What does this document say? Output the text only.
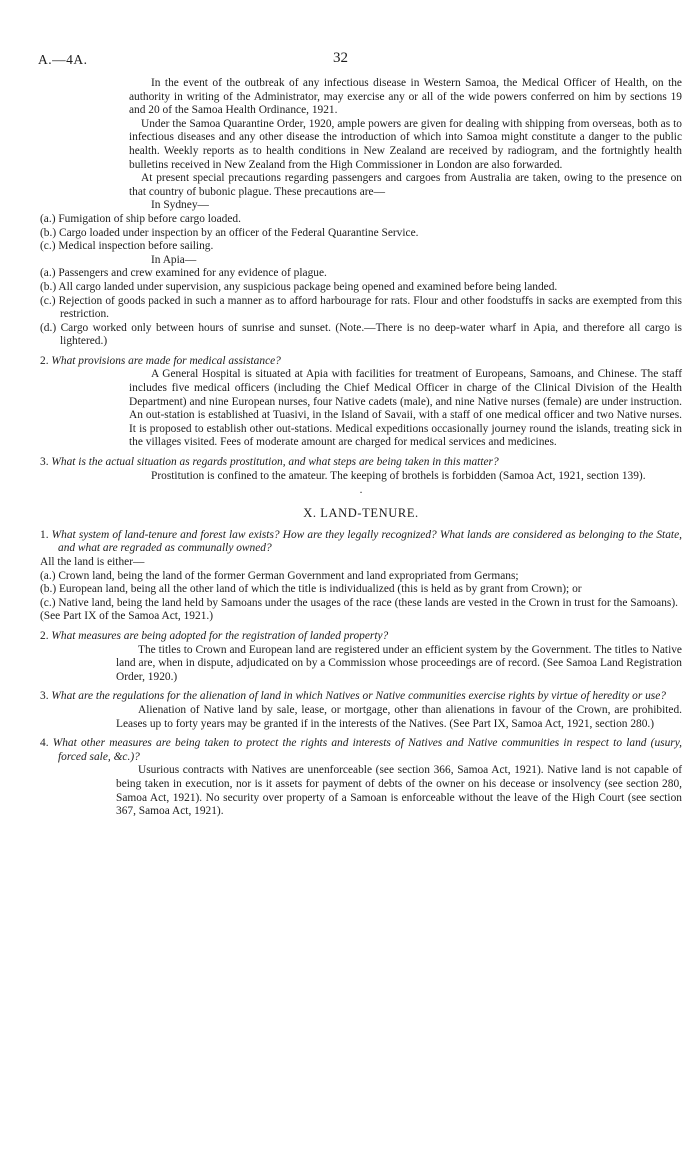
A.—4A.	32

In the event of the outbreak of any infectious disease in Western Samoa, the Medical Officer of Health, on the authority in writing of the Administrator, may exercise any or all of the wide powers conferred on him by sections 19 and 20 of the Samoa Health Ordinance, 1921.

Under the Samoa Quarantine Order, 1920, ample powers are given for dealing with shipping from overseas, both as to infectious diseases and any other disease the introduction of which into Samoa might constitute a danger to the public health. Weekly reports as to health conditions in New Zealand are received by radiogram, and the fortnightly health bulletins received in New Zealand from the High Commissioner in London are also forwarded.

At present special precautions regarding passengers and cargoes from Australia are taken, owing to the presence on that country of bubonic plague. These precautions are—

In Sydney—

(a.) Fumigation of ship before cargo loaded.

(b.) Cargo loaded under inspection by an officer of the Federal Quarantine Service.

(c.) Medical inspection before sailing.

In Apia—

(a.) Passengers and crew examined for any evidence of plague.

(b.) All cargo landed under supervision, any suspicious package being opened and examined before being landed.

(c.) Rejection of goods packed in such a manner as to afford harbourage for rats. Flour and other foodstuffs in sacks are exempted from this restriction.

(d.) Cargo worked only between hours of sunrise and sunset. (Note.—There is no deep-water wharf in Apia, and therefore all cargo is lightered.)

2. What provisions are made for medical assistance?

A General Hospital is situated at Apia with facilities for treatment of Europeans, Samoans, and Chinese. The staff includes five medical officers (including the Chief Medical Officer in charge of the Clinical Division of the Health Department) and nine European nurses, four Native cadets (male), and nine Native nurses (female) are under instruction. An out-station is established at Tuasivi, in the Island of Savaii, with a staff of one medical officer and two Native nurses. It is proposed to establish other out-stations. Medical expeditions occasionally journey round the islands, treating sick in the villages visited. Fees of moderate amount are charged for medical services and medicines.

3. What is the actual situation as regards prostitution, and what steps are being taken in this matter?

Prostitution is confined to the amateur. The keeping of brothels is forbidden (Samoa Act, 1921, section 139).

·
X. LAND-TENURE.
1. What system of land-tenure and forest law exists? How are they legally recognized? What lands are considered as belonging to the State, and what are regraded as communally owned?

All the land is either—

(a.) Crown land, being the land of the former German Government and land expropriated from Germans;

(b.) European land, being all the other land of which the title is individualized (this is held as by grant from Crown); or

(c.) Native land, being the land held by Samoans under the usages of the race (these lands are vested in the Crown in trust for the Samoans).

(See Part IX of the Samoa Act, 1921.)

2. What measures are being adopted for the registration of landed property?

The titles to Crown and European land are registered under an efficient system by the Government. The titles to Native land are, when in dispute, adjudicated on by a Commission whose proceedings are of record. (See Samoa Land Registration Order, 1920.)

3. What are the regulations for the alienation of land in which Natives or Native communities exercise rights by virtue of heredity or use?

Alienation of Native land by sale, lease, or mortgage, other than alienations in favour of the Crown, are prohibited. Leases up to forty years may be granted if in the interests of the Natives. (See Part IX, Samoa Act, 1921, section 280.)

4. What other measures are being taken to protect the rights and interests of Natives and Native communities in respect to land (usury, forced sale, &c.)?

Usurious contracts with Natives are unenforceable (see section 366, Samoa Act, 1921). Native land is not capable of being taken in execution, nor is it assets for payment of debts of the owner on his decease or insolvency (see section 280, Samoa Act, 1921). No security over property of a Samoan is enforceable without the leave of the High Court (see section 367, Samoa Act, 1921).
